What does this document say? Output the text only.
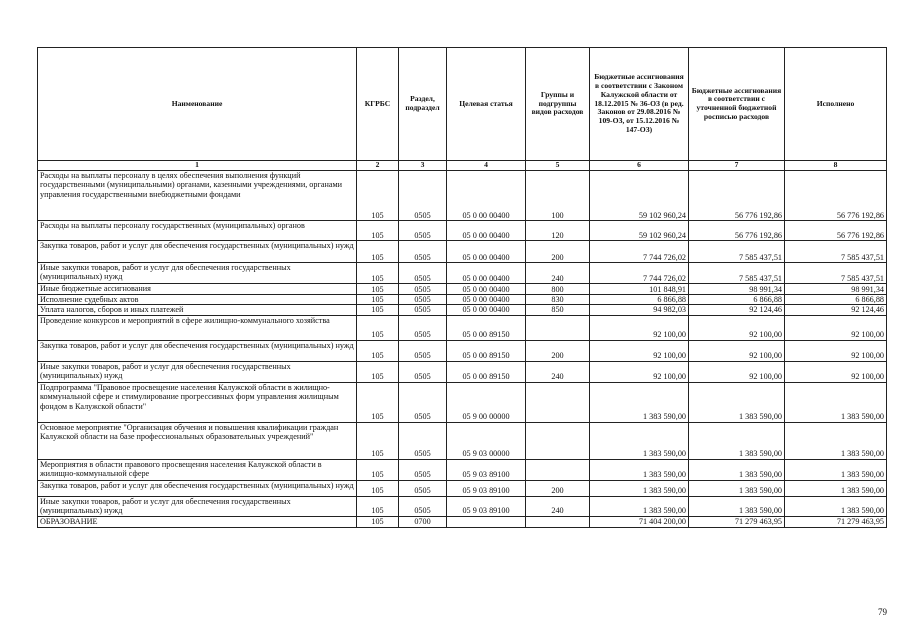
Наименование	КГРБС	Раздел, подраздел	Целевая статья	Группы и подгруппы видов расходов	Бюджетные ассигнования в соответствии с Законом Калужской области от 18.12.2015 № 36-ОЗ (в ред. Законов от 29.08.2016 № 109-ОЗ, от 15.12.2016 № 147-ОЗ)	Бюджетные ассигнования в соответствии с уточненной бюджетной росписью расходов	Исполнено
1	2	3	4	5	6	7	8
Расходы на выплаты персоналу в целях обеспечения выполнения функций государственными (муниципальными) органами, казенными учреждениями, органами управления государственными внебюджетными фондами	105	0505	05 0 00 00400	100	59 102 960,24	56 776 192,86	56 776 192,86
Расходы на выплаты персоналу государственных (муниципальных) органов	105	0505	05 0 00 00400	120	59 102 960,24	56 776 192,86	56 776 192,86
Закупка товаров, работ и услуг для обеспечения государственных (муниципальных) нужд	105	0505	05 0 00 00400	200	7 744 726,02	7 585 437,51	7 585 437,51
Иные закупки товаров, работ и услуг для обеспечения государственных (муниципальных) нужд	105	0505	05 0 00 00400	240	7 744 726,02	7 585 437,51	7 585 437,51
Иные бюджетные ассигнования	105	0505	05 0 00 00400	800	101 848,91	98 991,34	98 991,34
Исполнение судебных актов	105	0505	05 0 00 00400	830	6 866,88	6 866,88	6 866,88
Уплата налогов, сборов и иных платежей	105	0505	05 0 00 00400	850	94 982,03	92 124,46	92 124,46
Проведение конкурсов и мероприятий в сфере жилищно-коммунального хозяйства	105	0505	05 0 00 89150		92 100,00	92 100,00	92 100,00
Закупка товаров, работ и услуг для обеспечения государственных (муниципальных) нужд	105	0505	05 0 00 89150	200	92 100,00	92 100,00	92 100,00
Иные закупки товаров, работ и услуг для обеспечения государственных (муниципальных) нужд	105	0505	05 0 00 89150	240	92 100,00	92 100,00	92 100,00
Подпрограмма "Правовое просвещение населения Калужской области в жилищно-коммунальной сфере и стимулирование прогрессивных форм управления жилищным фондом в Калужской области"	105	0505	05 9 00 00000		1 383 590,00	1 383 590,00	1 383 590,00
Основное мероприятие "Организация обучения и повышения квалификации граждан Калужской области на базе профессиональных образовательных учреждений"	105	0505	05 9 03 00000		1 383 590,00	1 383 590,00	1 383 590,00
Мероприятия в области правового просвещения населения Калужской области в жилищно-коммунальной сфере	105	0505	05 9 03 89100		1 383 590,00	1 383 590,00	1 383 590,00
Закупка товаров, работ и услуг для обеспечения государственных (муниципальных) нужд	105	0505	05 9 03 89100	200	1 383 590,00	1 383 590,00	1 383 590,00
Иные закупки товаров, работ и услуг для обеспечения государственных (муниципальных) нужд	105	0505	05 9 03 89100	240	1 383 590,00	1 383 590,00	1 383 590,00
ОБРАЗОВАНИЕ	105	0700			71 404 200,00	71 279 463,95	71 279 463,95
79
